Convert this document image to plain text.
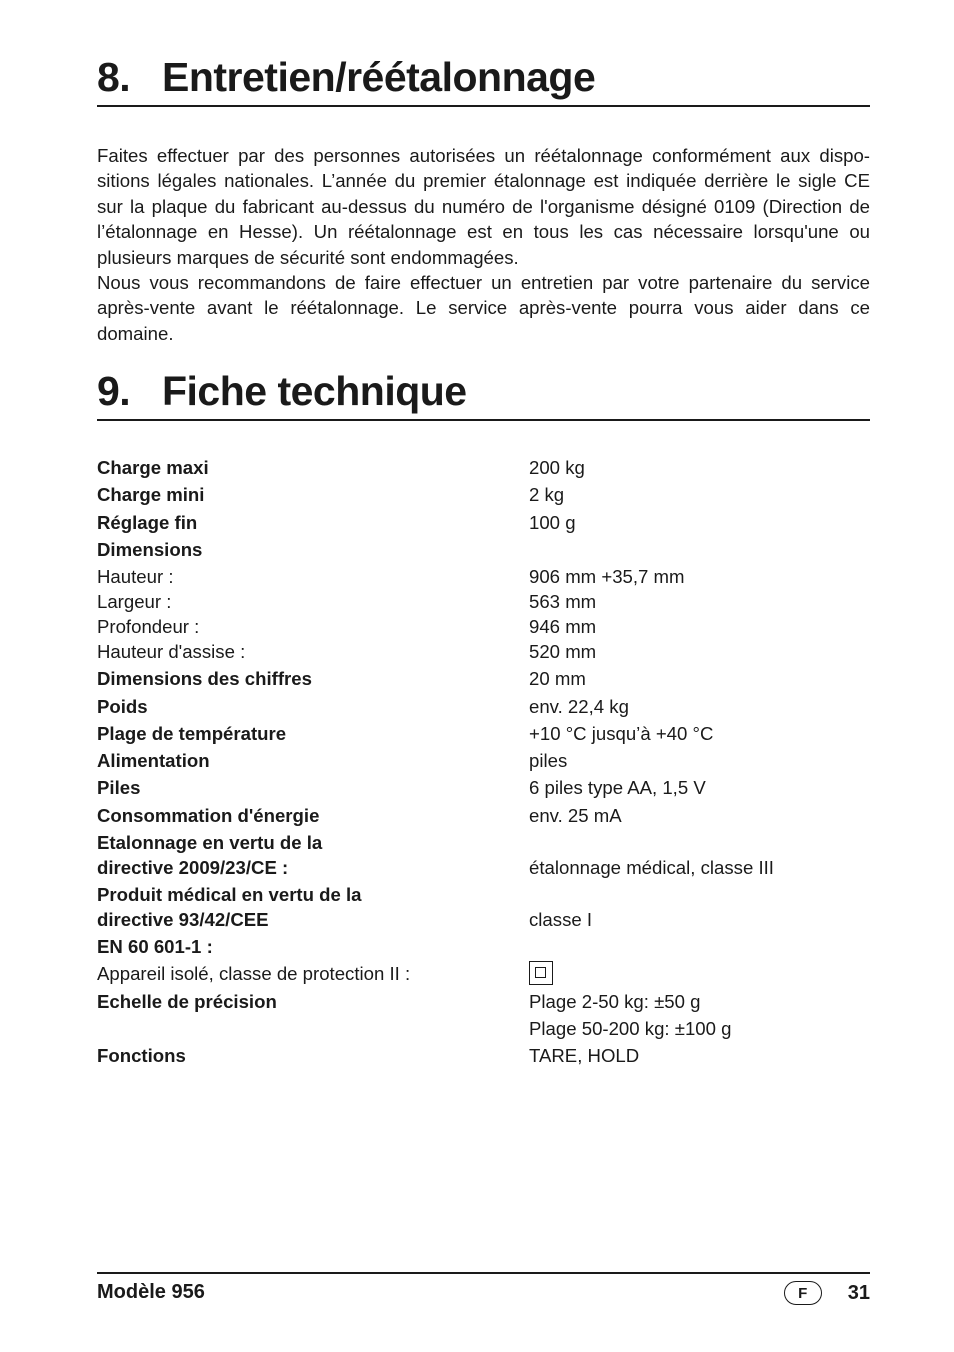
8. Entretien/réétalonnage

Faites effectuer par des personnes autorisées un réétalonnage conformément aux dispo- sitions légales nationales. L’année du premier étalonnage est indiquée derrière le sigle CE sur la plaque du fabricant au-dessus du numéro de l'organisme désigné 0109 (Direction de l’étalonnage en Hesse). Un réétalonnage est en tous les cas nécessaire lorsqu'une ou plusieurs marques de sécurité sont endommagées.

Nous vous recommandons de faire effectuer un entretien par votre partenaire du service après-vente avant le réétalonnage. Le service après-vente pourra vous aider dans ce domaine.

9. Fiche technique
Charge maxi	200 kg
Charge mini	2 kg
Réglage fin	100 g
Dimensions
Hauteur :	906 mm +35,7 mm
Largeur :	563 mm
Profondeur :	946 mm
Hauteur d'assise :	520 mm
Dimensions des chiffres	20 mm
Poids	env. 22,4 kg
Plage de température	+10 °C jusqu’à +40 °C
Alimentation	piles
Piles	6 piles type AA, 1,5 V
Consommation d'énergie	env. 25 mA
Etalonnage en vertu de la
directive 2009/23/CE :	étalonnage médical, classe III
Produit médical en vertu de la
directive 93/42/CEE	classe I
EN 60 601-1 :
Appareil isolé, classe de protection II :
Echelle de précision	Plage 2-50 kg: ±50 g
Plage 50-200 kg: ±100 g
Fonctions	TARE, HOLD
Modèle 956	F	31
